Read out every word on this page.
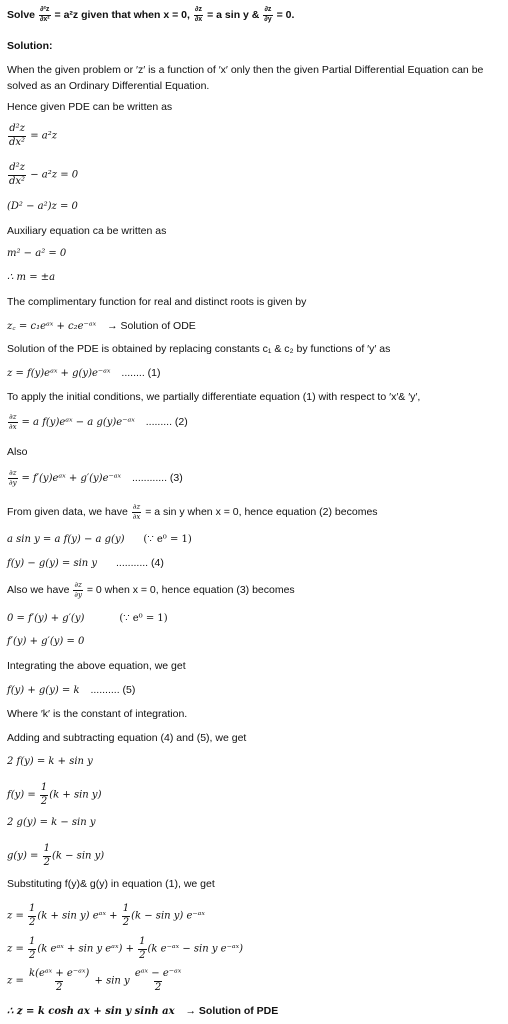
Solve $\frac{\text{∂²z}}{\text{∂x²}} = a^2z$ given that when x = 0, $\frac{\partial z}{\partial x} = a$ sin y & $\frac{\partial z}{\partial y} = 0$.
Solution:
When the given problem or ′z′ is a function of ′x′ only then the given Partial Differential Equation can be solved as an Ordinary Differential Equation.
Hence given PDE can be written as
$\frac{\text{d²z}}{\text{dx²}} = a^2z$
$\frac{\text{d²z}}{\text{dx²}} - a^2z = 0$
(D² − a²)z = 0
Auxiliary equation ca be written as
m² − a² = 0
∴ m = ±a
The complimentary function for real and distinct roots is given by
z꜀ = c₁eᵃˣ + c₂e⁻ᵃˣ → Solution of ODE
Solution of the PDE is obtained by replacing constants c₁ & c₂ by functions of ′y′ as
z = f(y)eᵃˣ + g(y)e⁻ᵃˣ ........ (1)
To apply the initial conditions, we partially differentiate equation (1) with respect to ′x′& ′y′,
$\frac{\partial z}{\partial x} = a$ f(y)eᵃˣ − a g(y)e⁻ᵃˣ ......... (2)
Also
$\frac{\partial z}{\partial y}$ = f′(y)eᵃˣ + g′(y)e⁻ᵃˣ ............ (3)
From given data, we have $\frac{\partial z}{\partial x} = a$ sin y when x = 0, hence equation (2) becomes
a sin y = a f(y) − a g(y) (∵ e⁰ = 1)
f(y) − g(y) = sin y ........... (4)
Also we have $\frac{\partial z}{\partial y} = 0$ when x = 0, hence equation (3) becomes
0 = f′(y) + g′(y)	(∵ e⁰ = 1)
f′(y) + g′(y) = 0
Integrating the above equation, we get
f(y) + g(y) = k .......... (5)
Where ′k′ is the constant of integration.
Adding and subtracting equation (4) and (5), we get
2 f(y) = k + sin y
$f(y) = \frac{1}{2} (k + \sin y)$
2 g(y) = k − sin y
$g(y) = \frac{1}{2} (k - \sin y)$
Substituting f(y)& g(y) in equation (1), we get
$z = \frac{1}{2} (k + \sin y)$ eᵃˣ + $\frac{1}{2} (k - \sin y)$ e⁻ᵃˣ
$z = \frac{1}{2} (k$ eᵃˣ + sin y eᵃˣ) + $\frac{1}{2} (k$ e⁻ᵃˣ − sin y e⁻ᵃˣ)
$z = \frac{\text{k(eᵃˣ + e⁻ᵃˣ)}}{2} + \sin y \frac{\text{eᵃˣ − e⁻ᵃˣ}}{2}$
∴ z = k cosh ax + sin y sinh ax → Solution of PDE
